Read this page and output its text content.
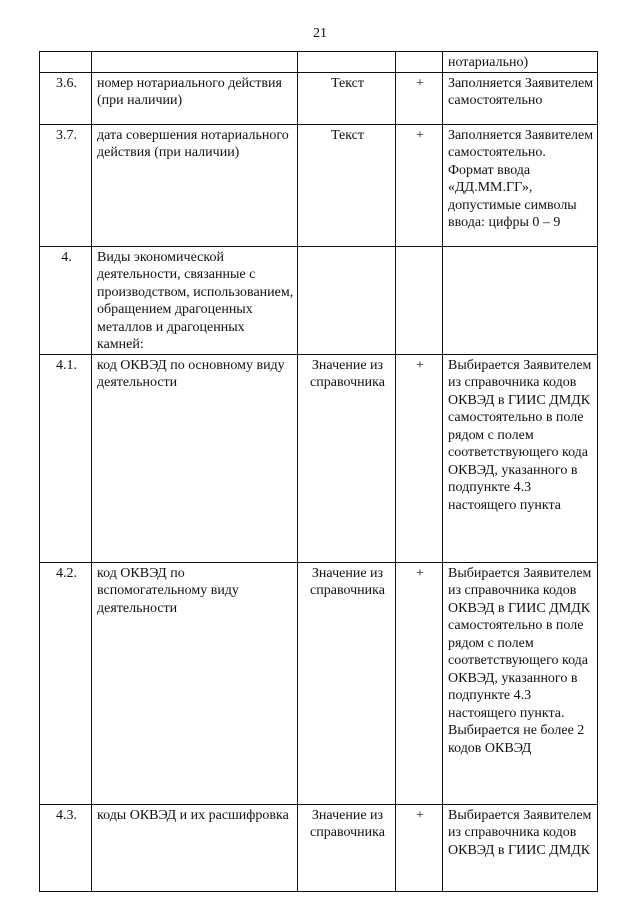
21
				нотариально)
3.6.	номер нотариального действия (при наличии)	Текст	+	Заполняется Заявителем самостоятельно
3.7.	дата совершения нотариального действия (при наличии)	Текст	+	Заполняется Заявителем самостоятельно. Формат ввода «ДД.ММ.ГГ», допустимые символы ввода: цифры 0 – 9
4.	Виды экономической деятельности, связанные с производством, использованием, обращением драгоценных металлов и драгоценных камней:			
4.1.	код ОКВЭД по основному виду деятельности	Значение из справочника	+	Выбирается Заявителем из справочника кодов ОКВЭД в ГИИС ДМДК самостоятельно в поле рядом с полем соответствующего кода ОКВЭД, указанного в подпункте 4.3 настоящего пункта
4.2.	код ОКВЭД по вспомогательному виду деятельности	Значение из справочника	+	Выбирается Заявителем из справочника кодов ОКВЭД в ГИИС ДМДК самостоятельно в поле рядом с полем соответствующего кода ОКВЭД, указанного в подпункте 4.3 настоящего пункта. Выбирается не более 2 кодов ОКВЭД
4.3.	коды ОКВЭД и их расшифровка	Значение из справочника	+	Выбирается Заявителем из справочника кодов ОКВЭД в ГИИС ДМДК
